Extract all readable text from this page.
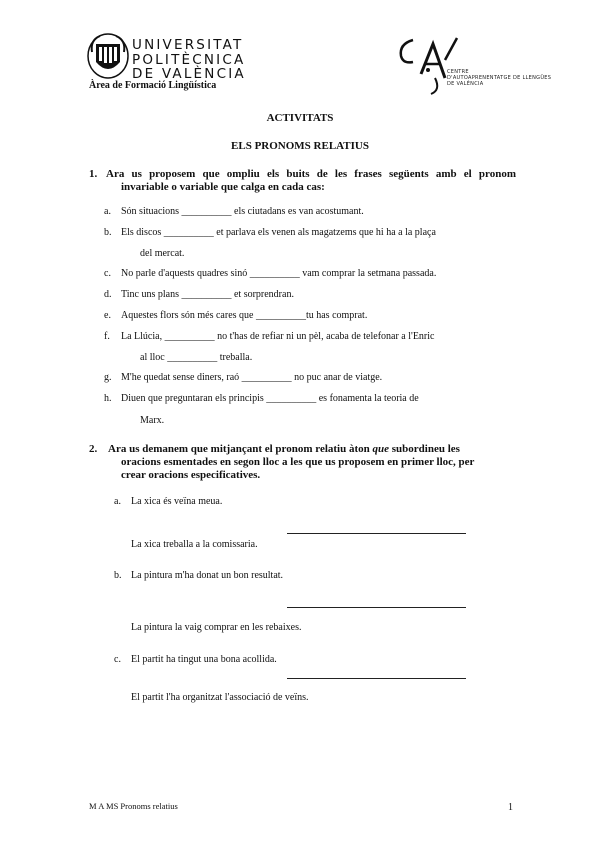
UNIVERSITAT
POLITÈCNICA
DE VALÈNCIA
Àrea de Formació Lingüística
CENTRE
D'AUTOAPRENENTATGE DE LLENGÜES
DE VALÈNCIA
ACTIVITATS
ELS PRONOMS RELATIUS
1. Ara us proposem que ompliu els buits de les frases següents amb el pronom
invariable o variable que calga en cada cas:
a. Són situacions __________ els ciutadans es van acostumant.
b. Els discos __________ et parlava els venen als magatzems que hi ha a la plaça
del mercat.
c. No parle d'aquests quadres sinó __________ vam comprar la setmana passada.
d. Tinc uns plans __________ et sorprendran.
e. Aquestes flors són més cares que __________tu has comprat.
f. La Llúcia, __________ no t'has de refiar ni un pèl, acaba de telefonar a l'Enric
al lloc __________ treballa.
g. M'he quedat sense diners, raó __________ no puc anar de viatge.
h. Diuen que preguntaran els principis __________ es fonamenta la teoria de
Marx.
2. Ara us demanem que mitjançant el pronom relatiu àton que subordineu les
oracions esmentades en segon lloc a les que us proposem en primer lloc, per
crear oracions especificatives.
a. La xica és veïna meua.
La xica treballa a la comissaria.
b. La pintura m'ha donat un bon resultat.
La pintura la vaig comprar en les rebaixes.
c. El partit ha tingut una bona acollida.
El partit l'ha organitzat l'associació de veïns.
M A MS Pronoms relatius	1
